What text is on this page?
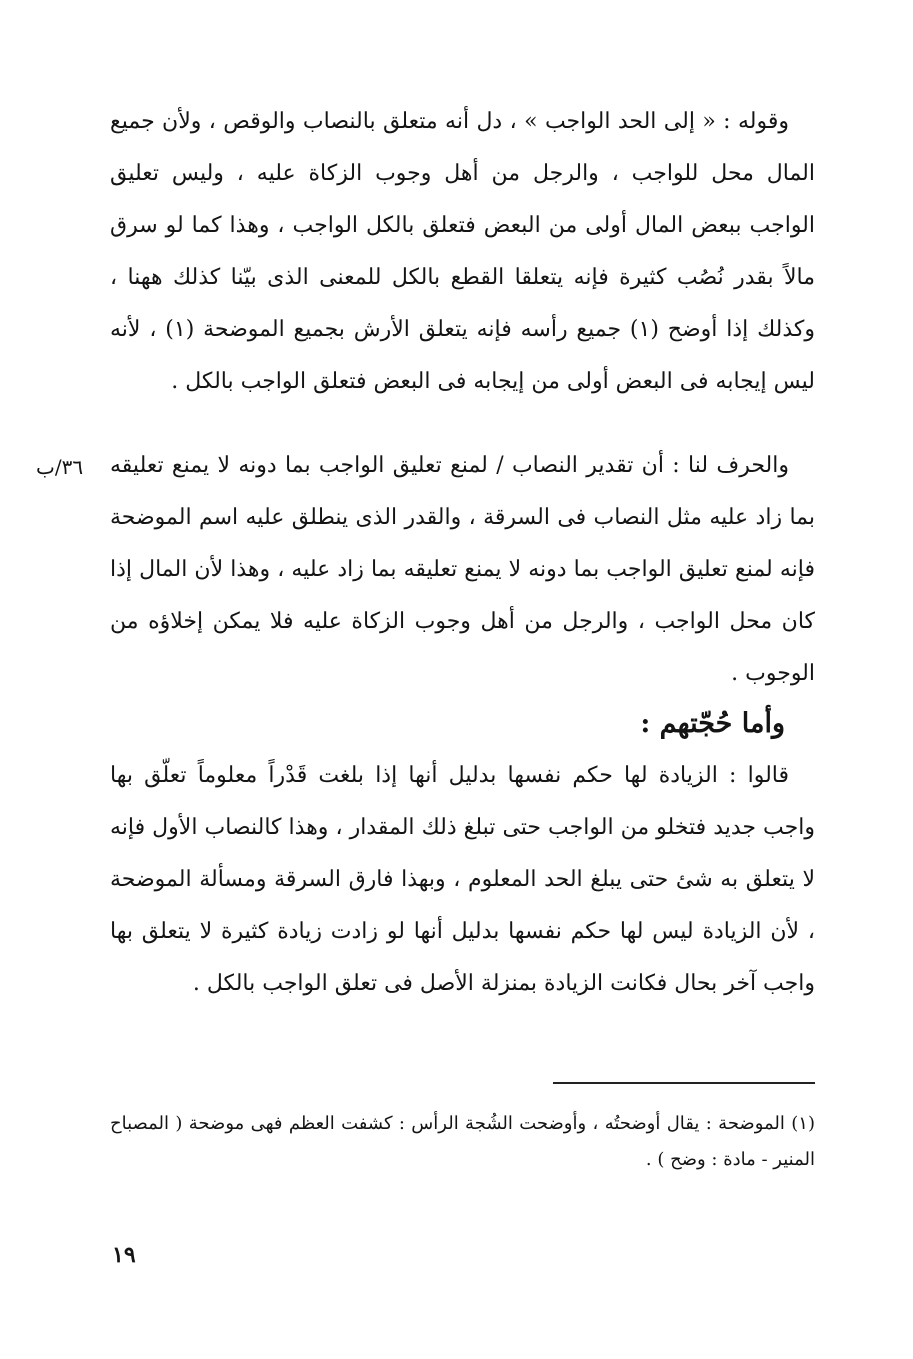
وقوله : « إلى الحد الواجب » ، دل أنه متعلق بالنصاب والوقص ، ولأن جميع المال محل للواجب ، والرجل من أهل وجوب الزكاة عليه ، وليس تعليق الواجب ببعض المال أولى من البعض فتعلق بالكل الواجب ، وهذا كما لو سرق مالاً بقدر نُصُب كثيرة فإنه يتعلقا القطع بالكل للمعنى الذى بيّنا كذلك ههنا ، وكذلك إذا أوضح (١) جميع رأسه فإنه يتعلق الأرش بجميع الموضحة (١) ، لأنه ليس إيجابه فى البعض أولى من إيجابه فى البعض فتعلق الواجب بالكل .

٣٦/ب والحرف لنا : أن تقدير النصاب / لمنع تعليق الواجب بما دونه لا يمنع تعليقه بما زاد عليه مثل النصاب فى السرقة ، والقدر الذى ينطلق عليه اسم الموضحة فإنه لمنع تعليق الواجب بما دونه لا يمنع تعليقه بما زاد عليه ، وهذا لأن المال إذا كان محل الواجب ، والرجل من أهل وجوب الزكاة عليه فلا يمكن إخلاؤه من الوجوب .

وأما حُجّتهم :

قالوا : الزيادة لها حكم نفسها بدليل أنها إذا بلغت قَدْراً معلوماً تعلّق بها واجب جديد فتخلو من الواجب حتى تبلغ ذلك المقدار ، وهذا كالنصاب الأول فإنه لا يتعلق به شئ حتى يبلغ الحد المعلوم ، وبهذا فارق السرقة ومسألة الموضحة ، لأن الزيادة ليس لها حكم نفسها بدليل أنها لو زادت زيادة كثيرة لا يتعلق بها واجب آخر بحال فكانت الزيادة بمنزلة الأصل فى تعلق الواجب بالكل .

(١) الموضحة : يقال أوضحتُه ، وأوضحت الشُجة الرأس : كشفت العظم فهى موضحة ( المصباح المنير - مادة : وضح ) .

١٩
